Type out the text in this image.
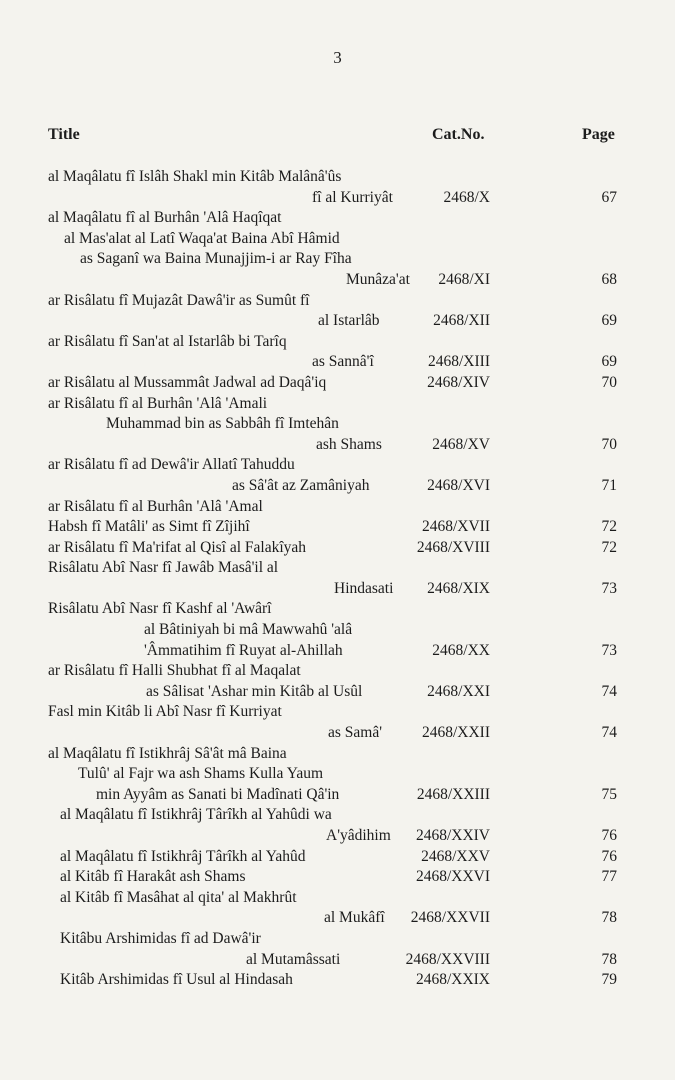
3
Title	Cat.No.	Page
al Maqâlatu fî Islâh Shakl min Kitâb Malânâ'ûs
fî al Kurriyât	2468/X	67
al Maqâlatu fî al Burhân 'Alâ Haqîqat
al Mas'alat al Latî Waqa'at Baina Abî Hâmid
as Saganî wa Baina Munajjim-i ar Ray Fîha
Munâza'at	2468/XI	68
ar Risâlatu fî Mujazât Dawâ'ir as Sumût fî
al Istarlâb	2468/XII	69
ar Risâlatu fî San'at al Istarlâb bi Tarîq
as Sannâ'î	2468/XIII	69
ar Risâlatu al Mussammât Jadwal ad Daqâ'iq	2468/XIV	70
ar Risâlatu fî al Burhân 'Alâ 'Amali
Muhammad bin as Sabbâh fî Imtehân
ash Shams	2468/XV	70
ar Risâlatu fî ad Dewâ'ir Allatî Tahuddu
as Sâ'ât az Zamâniyah	2468/XVI	71
ar Risâlatu fî al Burhân 'Alâ 'Amal
Habsh fî Matâli' as Simt fî Zîjihî	2468/XVII	72
ar Risâlatu fî Ma'rifat al Qisî al Falakîyah	2468/XVIII	72
Risâlatu Abî Nasr fî Jawâb Masâ'il al
Hindasati	2468/XIX	73
Risâlatu Abî Nasr fî Kashf al 'Awârî
al Bâtiniyah bi mâ Mawwahû 'alâ
'Âmmatihim fî Ruyat al-Ahillah	2468/XX	73
ar Risâlatu fî Halli Shubhat fî al Maqalat
as Sâlisat 'Ashar min Kitâb al Usûl	2468/XXI	74
Fasl min Kitâb li Abî Nasr fî Kurriyat
as Samâ'	2468/XXII	74
al Maqâlatu fî Istikhrâj Sâ'ât mâ Baina
Tulû' al Fajr wa ash Shams Kulla Yaum
min Ayyâm as Sanati bi Madînati Qâ'in	2468/XXIII	75
al Maqâlatu fî Istikhrâj Târîkh al Yahûdi wa
A'yâdihim	2468/XXIV	76
al Maqâlatu fî Istikhrâj Târîkh al Yahûd	2468/XXV	76
al Kitâb fî Harakât ash Shams	2468/XXVI	77
al Kitâb fî Masâhat al qita' al Makhrût
al Mukâfî	2468/XXVII	78
Kitâbu Arshimidas fî ad Dawâ'ir
al Mutamâssati	2468/XXVIII	78
Kitâb Arshimidas fî Usul al Hindasah	2468/XXIX	79
